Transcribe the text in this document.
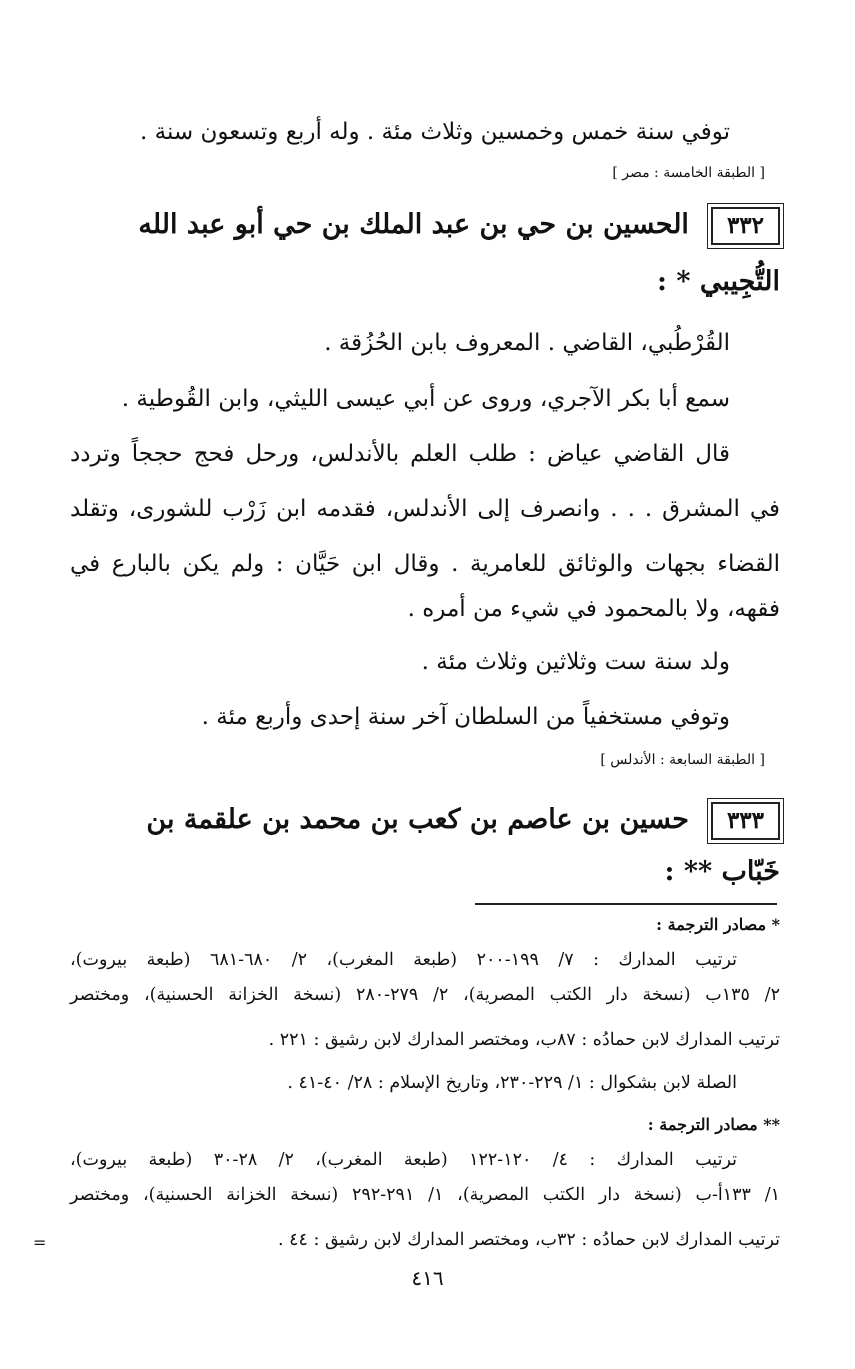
توفي سنة خمس وخمسين وثلاث مئة . وله أربع وتسعون سنة .
[ الطبقة الخامسة : مصر ]
٣٣٢الحسين بن حي بن عبد الملك بن حي أبو عبد الله
التُّجِيبي * :
القُرْطُبي، القاضي . المعروف بابن الحُزُقة .
سمع أبا بكر الآجري، وروى عن أبي عيسى الليثي، وابن القُوطية .
قال القاضي عياض : طلب العلم بالأندلس، ورحل فحج حججاً وتردد
في المشرق . . . وانصرف إلى الأندلس، فقدمه ابن زَرْب للشورى، وتقلد
القضاء بجهات والوثائق للعامرية . وقال ابن حَيَّان : ولم يكن بالبارع في
فقهه، ولا بالمحمود في شيء من أمره .
ولد سنة ست وثلاثين وثلاث مئة .
وتوفي مستخفياً من السلطان آخر سنة إحدى وأربع مئة .
[ الطبقة السابعة : الأندلس ]
٣٣٣حسين بن عاصم بن كعب بن محمد بن علقمة بن
خَبّاب ** :
* مصادر الترجمة :
ترتيب المدارك : ٧/ ١٩٩-٢٠٠ (طبعة المغرب)، ٢/ ٦٨٠-٦٨١ (طبعة بيروت)،
٢/ ١٣٥ب (نسخة دار الكتب المصرية)، ٢/ ٢٧٩-٢٨٠ (نسخة الخزانة الحسنية)، ومختصر
ترتيب المدارك لابن حمادُه : ٨٧ب، ومختصر المدارك لابن رشيق : ٢٢١ .
الصلة لابن بشكوال : ١/ ٢٢٩-٢٣٠، وتاريخ الإسلام : ٢٨/ ٤٠-٤١ .
** مصادر الترجمة :
ترتيب المدارك : ٤/ ١٢٠-١٢٢ (طبعة المغرب)، ٢/ ٢٨-٣٠ (طبعة بيروت)،
١/ ١٣٣أ-ب (نسخة دار الكتب المصرية)، ١/ ٢٩١-٢٩٢ (نسخة الخزانة الحسنية)، ومختصر
ترتيب المدارك لابن حمادُه : ٣٢ب، ومختصر المدارك لابن رشيق : ٤٤ .
=
٤١٦
